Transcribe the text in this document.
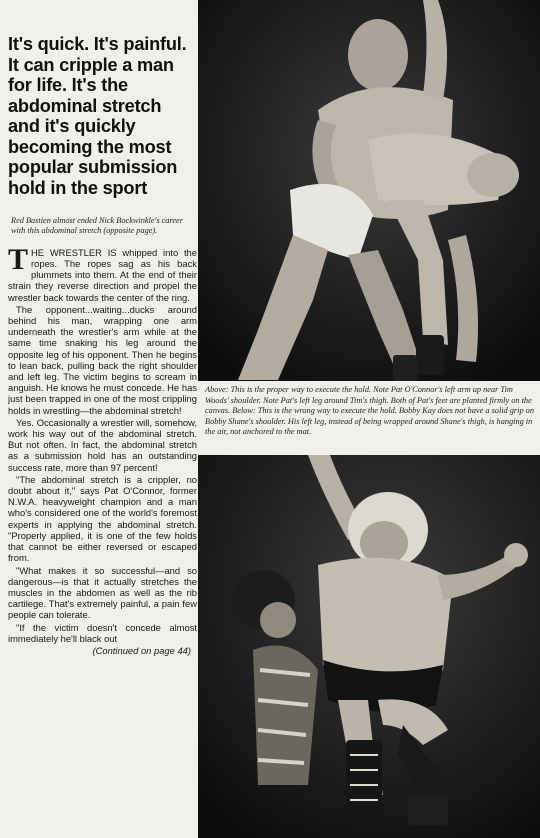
It's quick. It's painful. It can cripple a man for life. It's the abdominal stretch and it's quickly becoming the most popular submission hold in the sport
Red Bastien almost ended Nick Bockwinkle's career with this abdominal stretch (opposite page).

THE WRESTLER IS whipped into the ropes. The ropes sag as his back plummets into them. At the end of their strain they reverse direction and propel the wrestler back towards the center of the ring.

The opponent...waiting...ducks around behind his man, wrapping one arm underneath the wrestler's arm while at the same time snaking his leg around the opposite leg of his opponent. Then he begins to lean back, pulling back the right shoulder and left leg. The victim begins to scream in anguish. He knows he must concede. He has just been trapped in one of the most crippling holds in wrestling—the abdominal stretch!

Yes. Occasionally a wrestler will, somehow, work his way out of the abdominal stretch. But not often. In fact, the abdominal stretch as a submission hold has an outstanding success rate, more than 97 percent!

"The abdominal stretch is a crippler, no doubt about it," says Pat O'Connor, former N.W.A. heavyweight champion and a man who's considered one of the world's foremost experts in applying the abdominal stretch. "Properly applied, it is one of the few holds that cannot be either reversed or escaped from.

"What makes it so successful—and so dangerous—is that it actually stretches the muscles in the abdomen as well as the rib cartilege. That's extremely painful, a pain few people can tolerate.

"If the victim doesn't concede almost immediately he'll black out

(Continued on page 44)
Above: This is the proper way to execute the hold. Note Pat O'Connor's left arm up near Tim Woods' shoulder. Note Pat's left leg around Tim's thigh. Both of Pat's feet are planted firmly on the canvas. Below: This is the wrong way to execute the hold. Bobby Kay does not have a solid grip on Bobby Shane's shoulder. His left leg, instead of being wrapped around Shane's thigh, is hanging in the air, not anchored to the mat.
